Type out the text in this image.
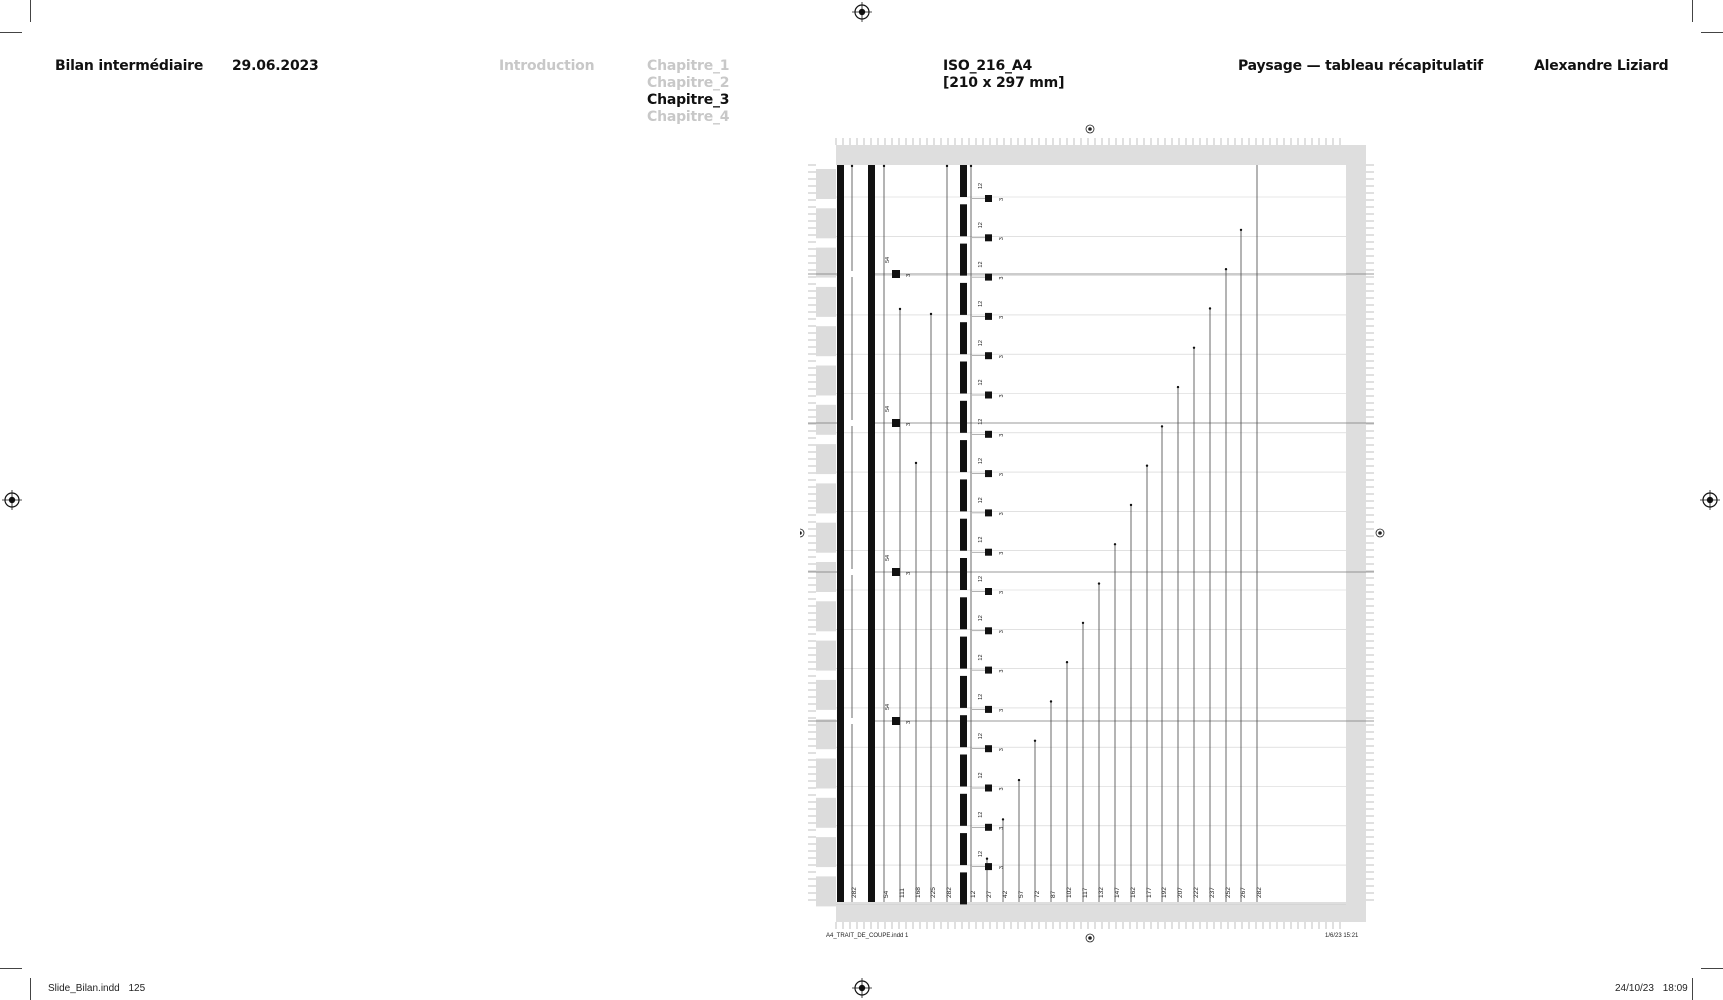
Bilan intermédiaire 29.06.2023	Introduction	Chapitre_1
Chapitre_2
Chapitre_3
Chapitre_4
ISO_216_A4
[210 x 297 mm]
Paysage — tableau récapitulatif	Alexandre Liziard
12
3
12
3
12
3
12
3
12
3
12
3
12
3
12
3
12
3
12
3
12
3
12
3
12
3
12
3
12
3
12
3
12
3
12
3
54
3
54
3
54
3
54
3
282	54 111 168 225 282	12 27 42 57 72 87 102 117 132 147 162 177 192 207 222 237 252 267 282
A4_TRAIT_DE_COUPE.indd 1	1/6/23 15:21
Slide_Bilan.indd 125	24/10/23 18:09
